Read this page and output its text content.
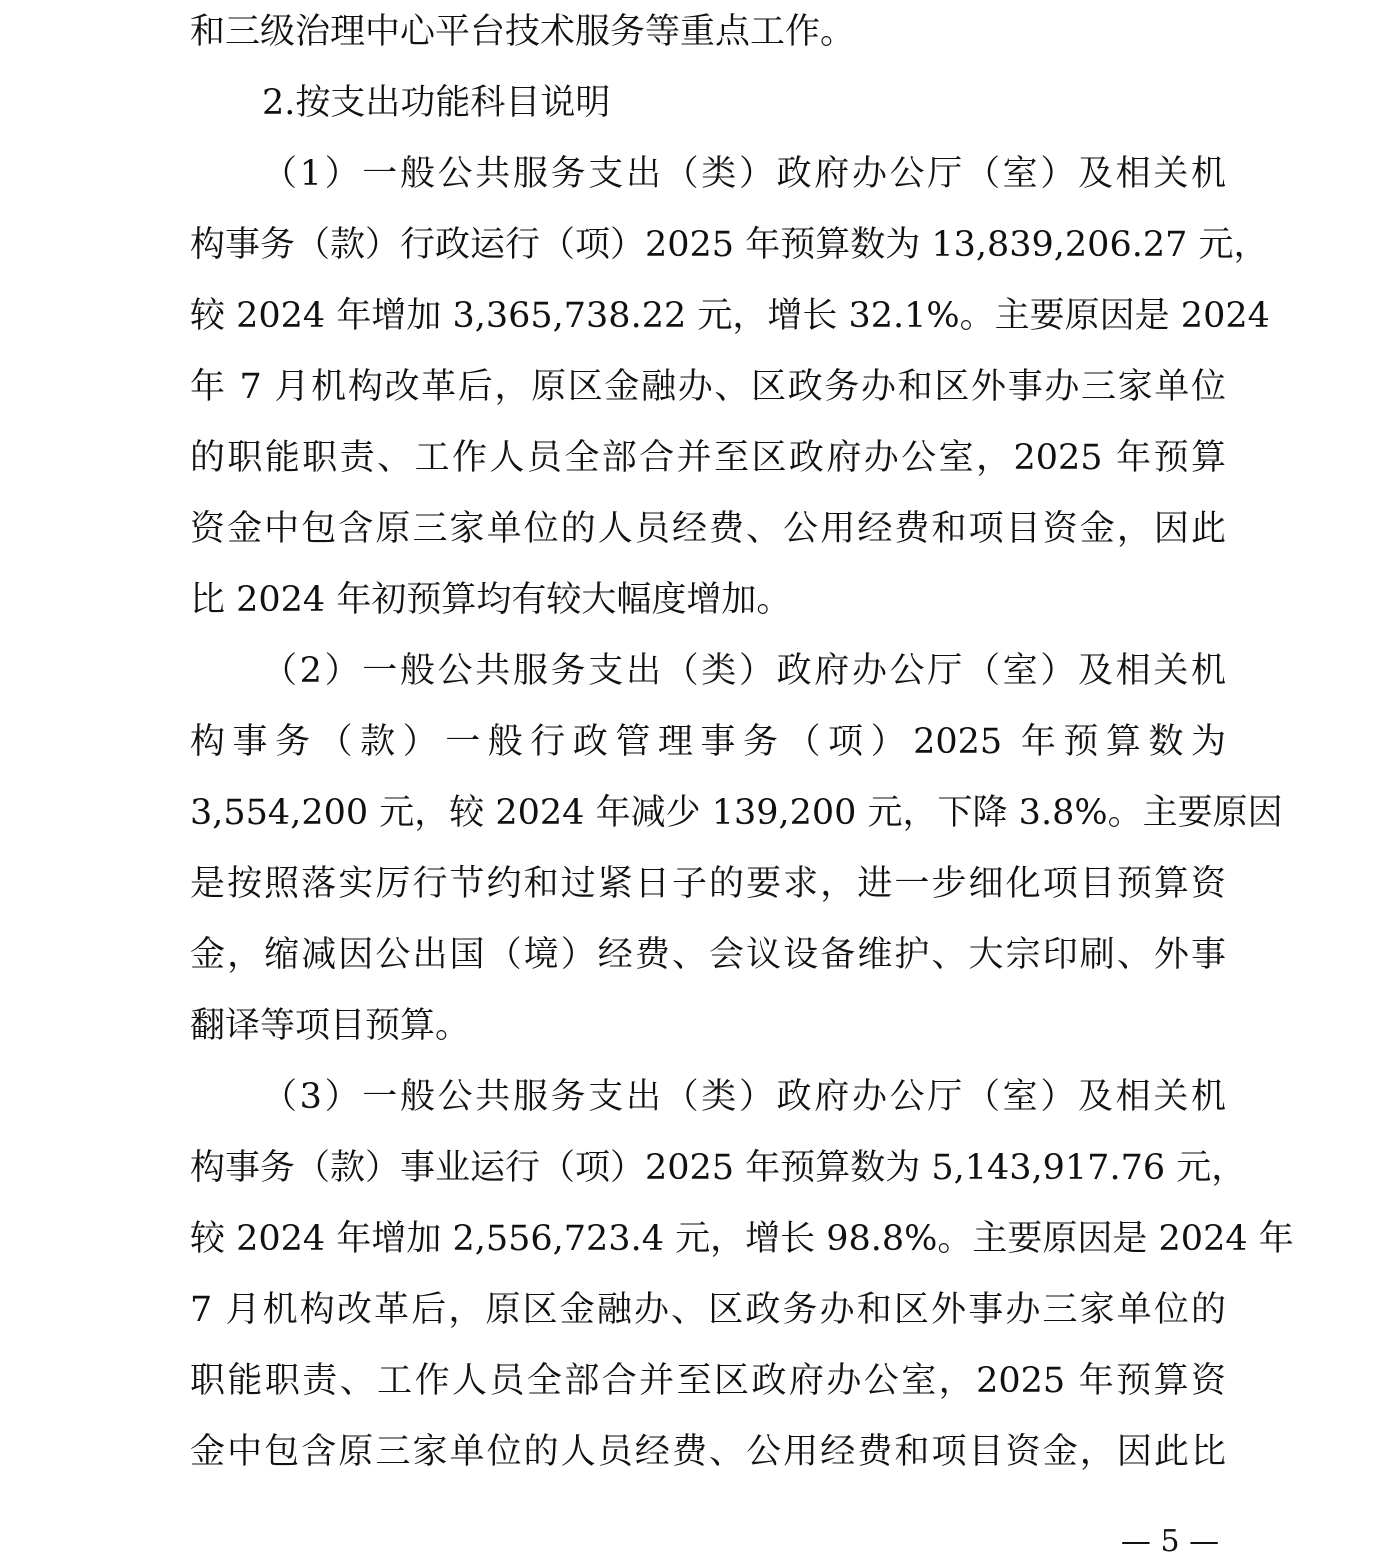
和三级治理中心平台技术服务等重点工作。
2.按支出功能科目说明
（1）一般公共服务支出（类）政府办公厅（室）及相关机
构事务（款）行政运行（项）2025 年预算数为 13,839,206.27 元，
较 2024 年增加 3,365,738.22 元，增长 32.1%。主要原因是 2024
年 7 月机构改革后，原区金融办、区政务办和区外事办三家单位
的职能职责、工作人员全部合并至区政府办公室，2025 年预算
资金中包含原三家单位的人员经费、公用经费和项目资金，因此
比 2024 年初预算均有较大幅度增加。
（2）一般公共服务支出（类）政府办公厅（室）及相关机
构事务（款）一般行政管理事务（项）2025 年预算数为
3,554,200 元，较 2024 年减少 139,200 元，下降 3.8%。主要原因
是按照落实厉行节约和过紧日子的要求，进一步细化项目预算资
金，缩减因公出国（境）经费、会议设备维护、大宗印刷、外事
翻译等项目预算。
（3）一般公共服务支出（类）政府办公厅（室）及相关机
构事务（款）事业运行（项）2025 年预算数为 5,143,917.76 元，
较 2024 年增加 2,556,723.4 元，增长 98.8%。主要原因是 2024 年
7 月机构改革后，原区金融办、区政务办和区外事办三家单位的
职能职责、工作人员全部合并至区政府办公室，2025 年预算资
金中包含原三家单位的人员经费、公用经费和项目资金，因此比
— 5 —
